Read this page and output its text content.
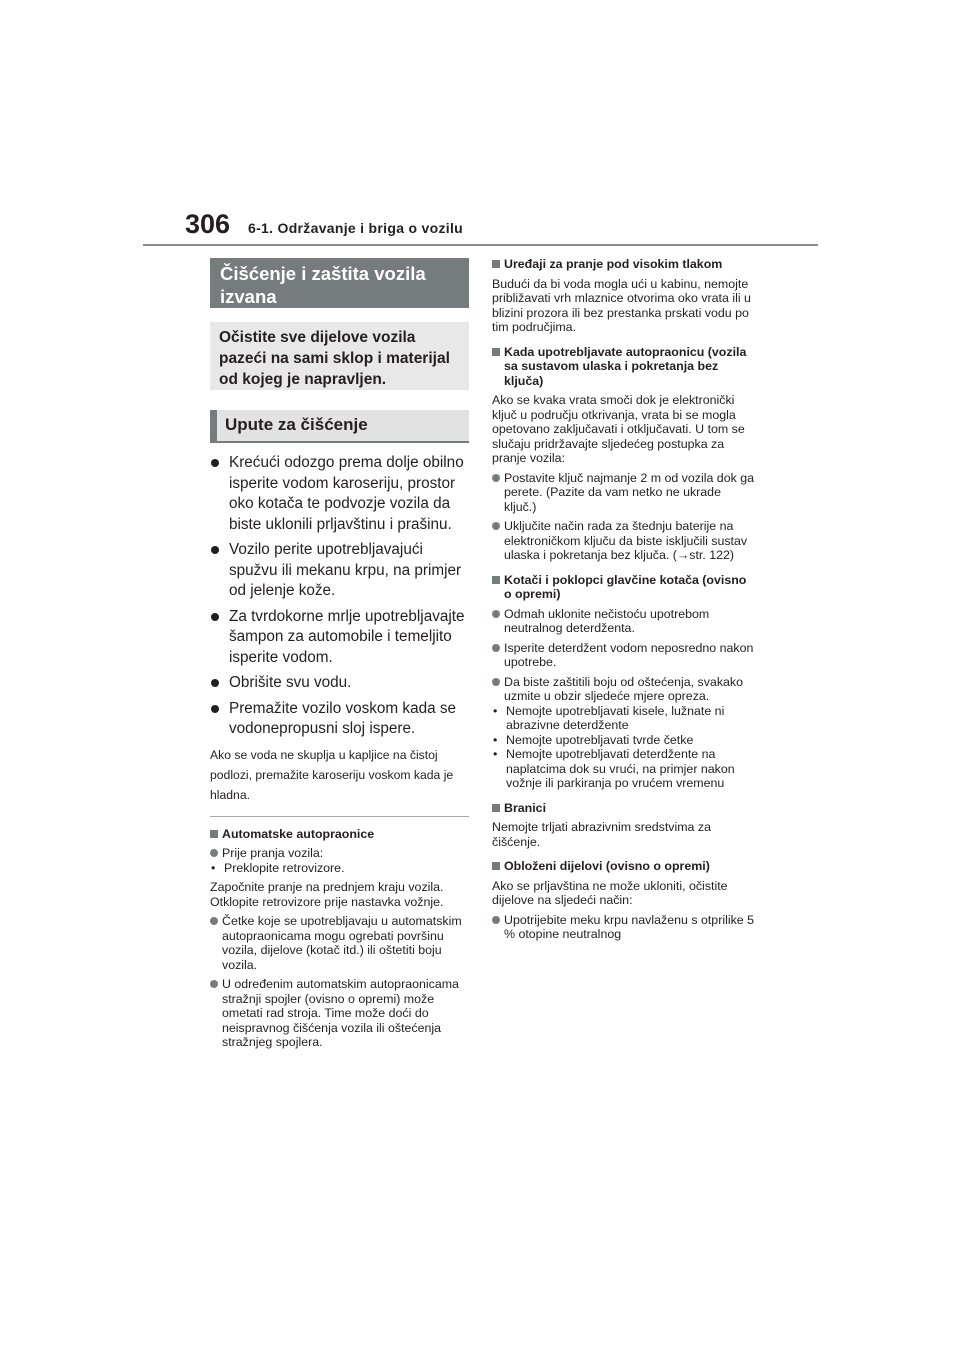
306 6-1. Održavanje i briga o vozilu
Čišćenje i zaštita vozila izvana
Očistite sve dijelove vozila pazeći na sami sklop i materijal od kojeg je napravljen.
Upute za čišćenje
Krećući odozgo prema dolje obilno isperite vodom karoseriju, prostor oko kotača te podvozje vozila da biste uklonili prljavštinu i prašinu.
Vozilo perite upotrebljavajući spužvu ili mekanu krpu, na primjer od jelenje kože.
Za tvrdokorne mrlje upotrebljavajte šampon za automobile i temeljito isperite vodom.
Obrišite svu vodu.
Premažite vozilo voskom kada se vodonepropusni sloj ispere.
Ako se voda ne skuplja u kapljice na čistoj podlozi, premažite karoseriju voskom kada je hladna.
Automatske autopraonice
Prije pranja vozila:
• Preklopite retrovizore.
Započnite pranje na prednjem kraju vozila. Otklopite retrovizore prije nastavka vožnje.
Četke koje se upotrebljavaju u automatskim autopraonicama mogu ogrebati površinu vozila, dijelove (kotač itd.) ili oštetiti boju vozila.
U određenim automatskim autopraonicama stražnji spojler (ovisno o opremi) može ometati rad stroja. Time može doći do neispravnog čišćenja vozila ili oštećenja stražnjeg spojlera.
Uređaji za pranje pod visokim tlakom
Budući da bi voda mogla ući u kabinu, nemojte približavati vrh mlaznice otvorima oko vrata ili u blizini prozora ili bez prestanka prskati vodu po tim područjima.
Kada upotrebljavate autopraonicu (vozila sa sustavom ulaska i pokretanja bez ključa)
Ako se kvaka vrata smoči dok je elektronički ključ u području otkrivanja, vrata bi se mogla opetovano zaključavati i otključavati. U tom se slučaju pridržavajte sljedećeg postupka za pranje vozila:
Postavite ključ najmanje 2 m od vozila dok ga perete. (Pazite da vam netko ne ukrade ključ.)
Uključite način rada za štednju baterije na elektroničkom ključu da biste isključili sustav ulaska i pokretanja bez ključa. (→str. 122)
Kotači i poklopci glavčine kotača (ovisno o opremi)
Odmah uklonite nečistoću upotrebom neutralnog deterdženta.
Isperite deterdžent vodom neposredno nakon upotrebe.
Da biste zaštitili boju od oštećenja, svakako uzmite u obzir sljedeće mjere opreza.
• Nemojte upotrebljavati kisele, lužnate ni abrazivne deterdžente
• Nemojte upotrebljavati tvrde četke
• Nemojte upotrebljavati deterdžente na naplatcima dok su vrući, na primjer nakon vožnje ili parkiranja po vrućem vremenu
Branici
Nemojte trljati abrazivnim sredstvima za čišćenje.
Obloženi dijelovi (ovisno o opremi)
Ako se prljavština ne može ukloniti, očistite dijelove na sljedeći način:
Upotrijebite meku krpu navlaženu s otprilike 5 % otopine neutralnog
